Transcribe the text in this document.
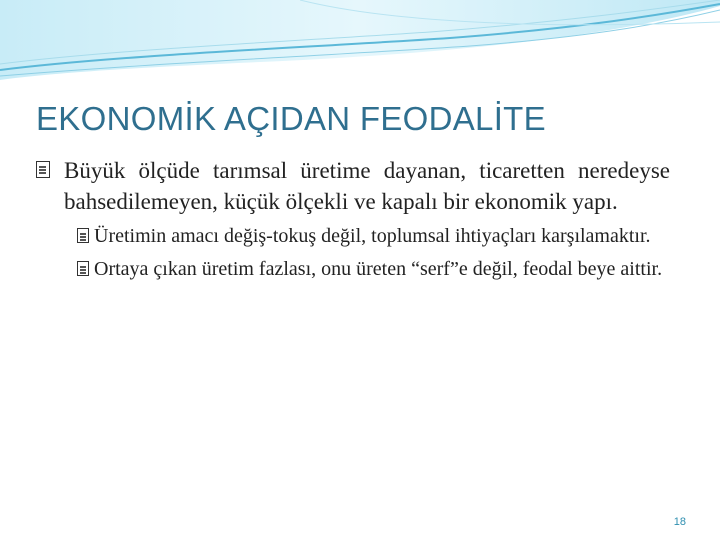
EKONOMİK AÇIDAN FEODALİTE
Büyük ölçüde tarımsal üretime dayanan, ticaretten neredeyse bahsedilemeyen, küçük ölçekli ve kapalı bir ekonomik yapı.
Üretimin amacı değiş-tokuş değil, toplumsal ihtiyaçları karşılamaktır.
Ortaya çıkan üretim fazlası, onu üreten “serf”e değil, feodal beye aittir.
18
